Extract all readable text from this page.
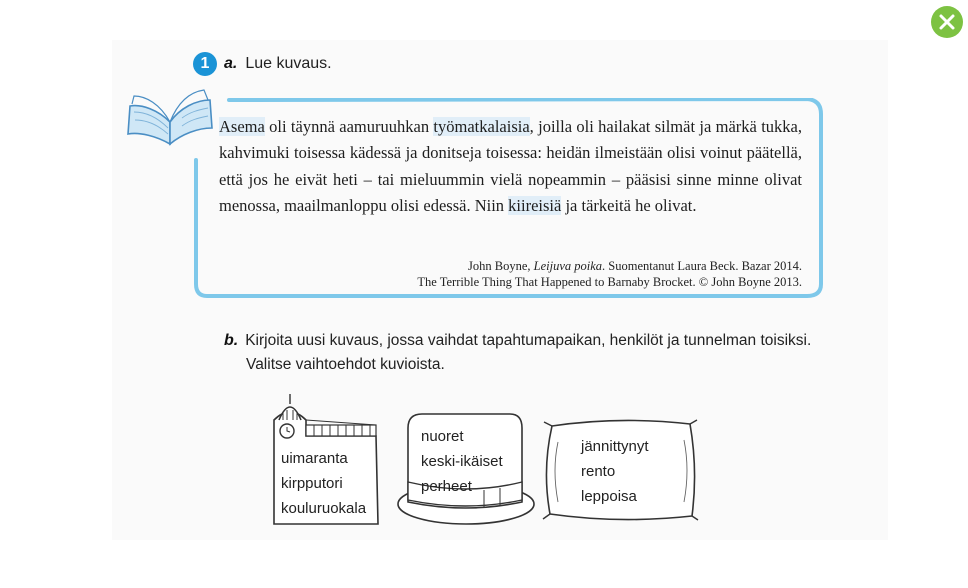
1 a. Lue kuvaus.

Asema oli täynnä aamuruuhkan työmatkalaisia, joilla oli hailakat silmät ja märkä tukka, kahvimuki toisessa kädessä ja donitseja toisessa: heidän ilmeistään olisi voinut päätellä, että jos he eivät heti – tai mieluummin vielä nopeammin – pääsisi sinne minne olivat menossa, maailmanloppu olisi edessä. Niin kiireisiä ja tärkeitä he olivat.

John Boyne, Leijuva poika. Suomentanut Laura Beck. Bazar 2014.
The Terrible Thing That Happened to Barnaby Brocket. © John Boyne 2013.
b. Kirjoita uusi kuvaus, jossa vaihdat tapahtumapaikan, henkilöt ja tunnelman toisiksi.
Valitse vaihtoehdot kuvioista.
uimaranta
kirpputori
kouluruokala
nuoret
keski-ikäiset
perheet
jännittynyt
rento
leppoisa
